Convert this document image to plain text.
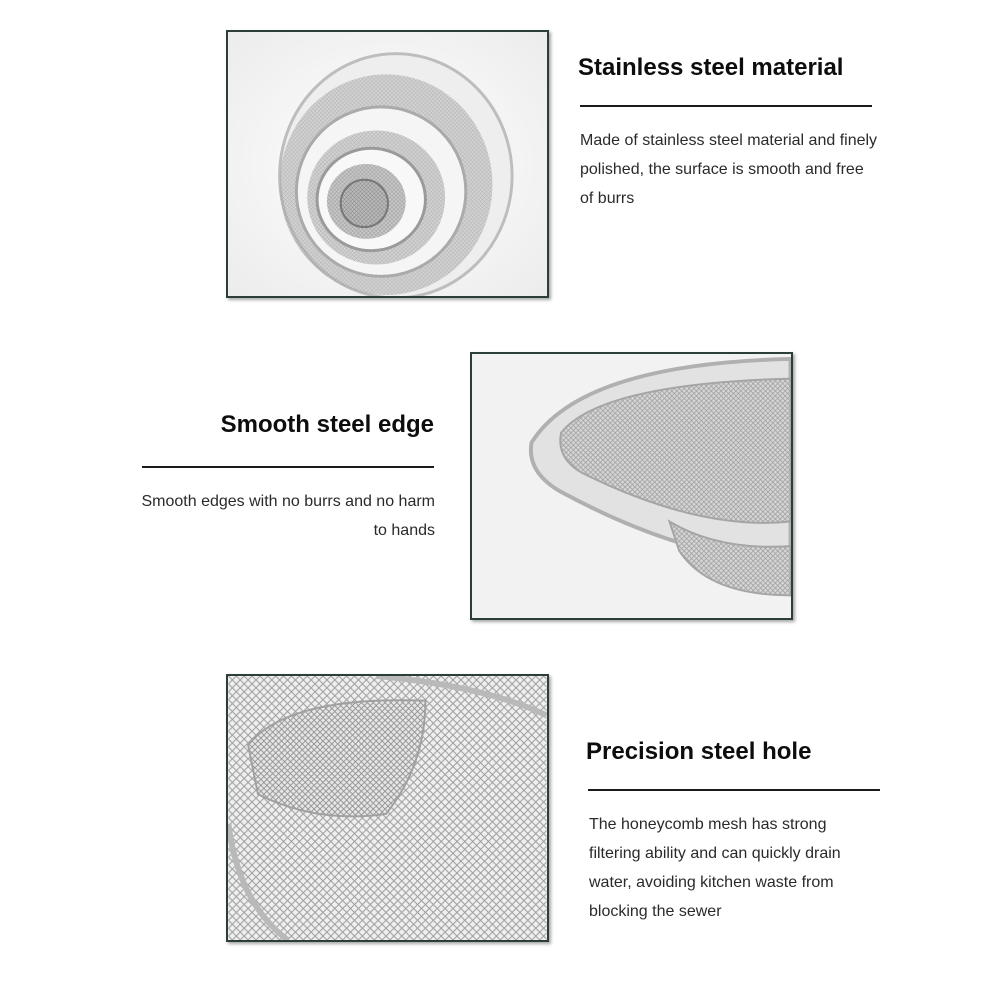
Stainless steel material

Made of stainless steel material and finely polished, the surface is smooth and free of burrs

Smooth steel edge

Smooth edges with no burrs and no harm to hands

Precision steel hole

The honeycomb mesh has strong filtering ability and can quickly drain water, avoiding kitchen waste from blocking the sewer
